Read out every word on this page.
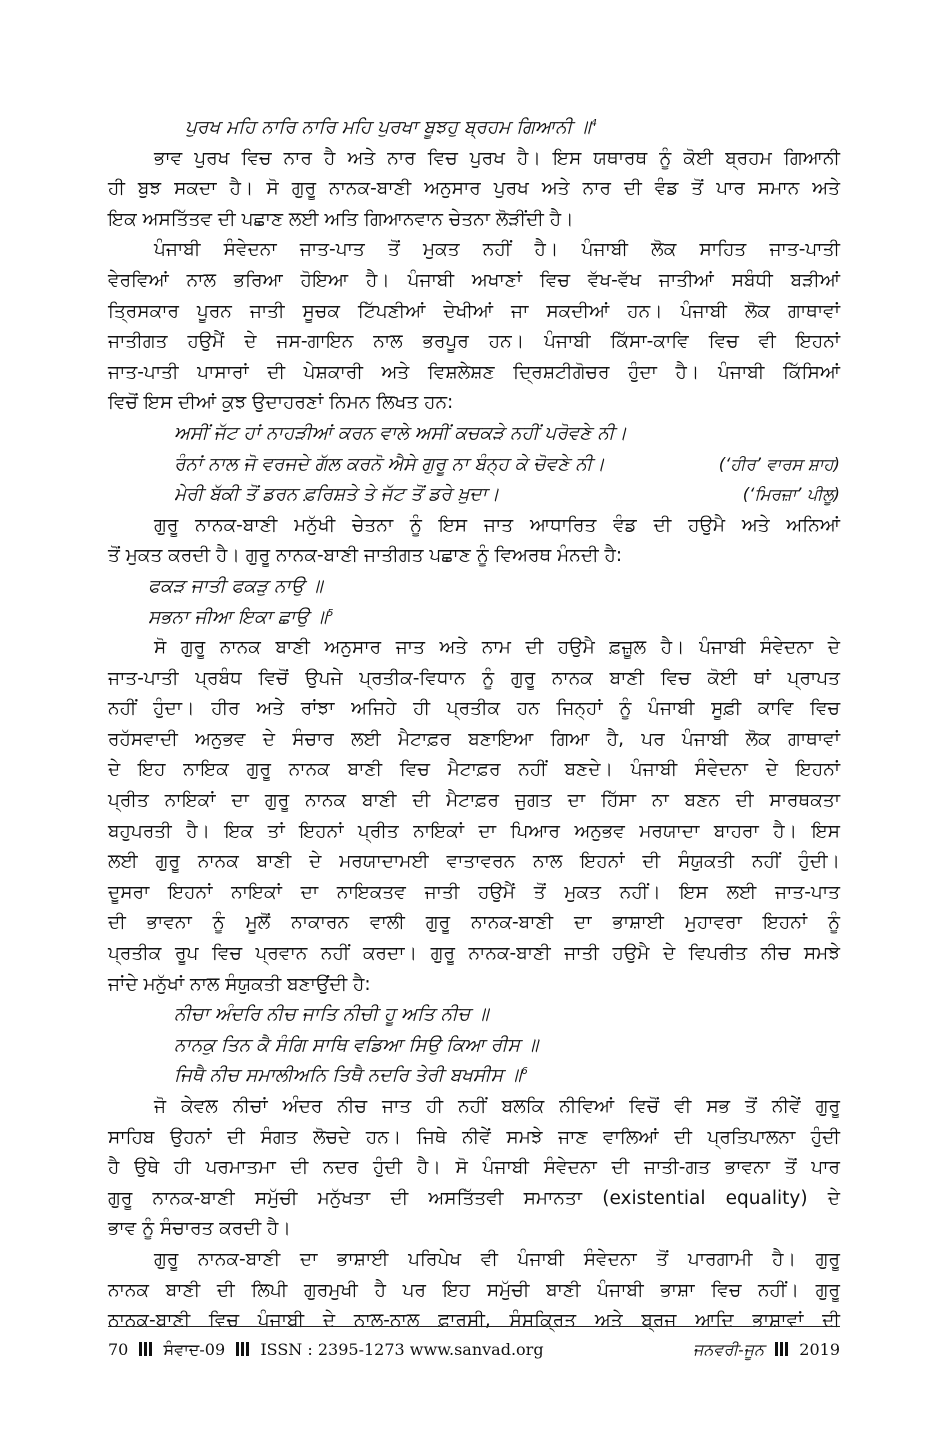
ਪੁਰਖ ਮਹਿ ਨਾਰਿ ਨਾਰਿ ਮਹਿ ਪੁਰਖਾ ਬੂਝਹੁ ਬ੍ਰਹਮ ਗਿਆਨੀ ॥$^4$
ਭਾਵ ਪੁਰਖ ਵਿਚ ਨਾਰ ਹੈ ਅਤੇ ਨਾਰ ਵਿਚ ਪੁਰਖ ਹੈ। ਇਸ ਯਥਾਰਥ ਨੂੰ ਕੋਈ ਬ੍ਰਹਮ ਗਿਆਨੀ
ਹੀ ਬੁਝ ਸਕਦਾ ਹੈ। ਸੋ ਗੁਰੂ ਨਾਨਕ-ਬਾਣੀ ਅਨੁਸਾਰ ਪੁਰਖ ਅਤੇ ਨਾਰ ਦੀ ਵੰਡ ਤੋਂ ਪਾਰ ਸਮਾਨ ਅਤੇ
ਇਕ ਅਸਤਿੱਤਵ ਦੀ ਪਛਾਣ ਲਈ ਅਤਿ ਗਿਆਨਵਾਨ ਚੇਤਨਾ ਲੋੜੀਂਦੀ ਹੈ।
ਪੰਜਾਬੀ ਸੰਵੇਦਨਾ ਜਾਤ-ਪਾਤ ਤੋਂ ਮੁਕਤ ਨਹੀਂ ਹੈ। ਪੰਜਾਬੀ ਲੋਕ ਸਾਹਿਤ ਜਾਤ-ਪਾਤੀ
ਵੇਰਵਿਆਂ ਨਾਲ ਭਰਿਆ ਹੋਇਆ ਹੈ। ਪੰਜਾਬੀ ਅਖਾਣਾਂ ਵਿਚ ਵੱਖ-ਵੱਖ ਜਾਤੀਆਂ ਸਬੰਧੀ ਬੜੀਆਂ
ਤ੍ਰਿਸਕਾਰ ਪੂਰਨ ਜਾਤੀ ਸੂਚਕ ਟਿੱਪਣੀਆਂ ਦੇਖੀਆਂ ਜਾ ਸਕਦੀਆਂ ਹਨ। ਪੰਜਾਬੀ ਲੋਕ ਗਾਥਾਵਾਂ
ਜਾਤੀਗਤ ਹਉਮੈਂ ਦੇ ਜਸ-ਗਾਇਨ ਨਾਲ ਭਰਪੂਰ ਹਨ। ਪੰਜਾਬੀ ਕਿੱਸਾ-ਕਾਵਿ ਵਿਚ ਵੀ ਇਹਨਾਂ
ਜਾਤ-ਪਾਤੀ ਪਾਸਾਰਾਂ ਦੀ ਪੇਸ਼ਕਾਰੀ ਅਤੇ ਵਿਸ਼ਲੇਸ਼ਣ ਦ੍ਰਿਸ਼ਟੀਗੋਚਰ ਹੁੰਦਾ ਹੈ। ਪੰਜਾਬੀ ਕਿੱਸਿਆਂ
ਵਿਚੋਂ ਇਸ ਦੀਆਂ ਕੁਝ ਉਦਾਹਰਣਾਂ ਨਿਮਨ ਲਿਖਤ ਹਨ:
ਅਸੀਂ ਜੱਟ ਹਾਂ ਨਾਹੜੀਆਂ ਕਰਨ ਵਾਲੇ ਅਸੀਂ ਕਚਕੜੇ ਨਹੀਂ ਪਰੋਵਣੇ ਨੀ।
ਰੰਨਾਂ ਨਾਲ ਜੋ ਵਰਜਦੇ ਗੱਲ ਕਰਨੋ ਐਸੇ ਗੁਰੂ ਨਾ ਬੰਨ੍ਹ ਕੇ ਚੋਵਣੇ ਨੀ।	(‘ਹੀਰ’ ਵਾਰਸ ਸ਼ਾਹ)
ਮੇਰੀ ਬੱਕੀ ਤੋਂ ਡਰਨ ਫ਼ਰਿਸ਼ਤੇ ਤੇ ਜੱਟ ਤੋਂ ਡਰੇ ਖ਼ੁਦਾ।	(‘ਮਿਰਜ਼ਾ’ ਪੀਲੂ)
ਗੁਰੂ ਨਾਨਕ-ਬਾਣੀ ਮਨੁੱਖੀ ਚੇਤਨਾ ਨੂੰ ਇਸ ਜਾਤ ਆਧਾਰਿਤ ਵੰਡ ਦੀ ਹਉਮੈ ਅਤੇ ਅਨਿਆਂ
ਤੋਂ ਮੁਕਤ ਕਰਦੀ ਹੈ। ਗੁਰੂ ਨਾਨਕ-ਬਾਣੀ ਜਾਤੀਗਤ ਪਛਾਣ ਨੂੰ ਵਿਅਰਥ ਮੰਨਦੀ ਹੈ:
ਫਕੜ ਜਾਤੀ ਫਕੜੁ ਨਾਉ ॥
ਸਭਨਾ ਜੀਆ ਇਕਾ ਛਾਉ ॥$^5$
ਸੋ ਗੁਰੂ ਨਾਨਕ ਬਾਣੀ ਅਨੁਸਾਰ ਜਾਤ ਅਤੇ ਨਾਮ ਦੀ ਹਉਮੈ ਫ਼ਜ਼ੂਲ ਹੈ। ਪੰਜਾਬੀ ਸੰਵੇਦਨਾ ਦੇ
ਜਾਤ-ਪਾਤੀ ਪ੍ਰਬੰਧ ਵਿਚੋਂ ਉਪਜੇ ਪ੍ਰਤੀਕ-ਵਿਧਾਨ ਨੂੰ ਗੁਰੂ ਨਾਨਕ ਬਾਣੀ ਵਿਚ ਕੋਈ ਥਾਂ ਪ੍ਰਾਪਤ
ਨਹੀਂ ਹੁੰਦਾ। ਹੀਰ ਅਤੇ ਰਾਂਝਾ ਅਜਿਹੇ ਹੀ ਪ੍ਰਤੀਕ ਹਨ ਜਿਨ੍ਹਾਂ ਨੂੰ ਪੰਜਾਬੀ ਸੂਫ਼ੀ ਕਾਵਿ ਵਿਚ
ਰਹੱਸਵਾਦੀ ਅਨੁਭਵ ਦੇ ਸੰਚਾਰ ਲਈ ਮੈਟਾਫ਼ਰ ਬਣਾਇਆ ਗਿਆ ਹੈ, ਪਰ ਪੰਜਾਬੀ ਲੋਕ ਗਾਥਾਵਾਂ
ਦੇ ਇਹ ਨਾਇਕ ਗੁਰੂ ਨਾਨਕ ਬਾਣੀ ਵਿਚ ਮੈਟਾਫ਼ਰ ਨਹੀਂ ਬਣਦੇ। ਪੰਜਾਬੀ ਸੰਵੇਦਨਾ ਦੇ ਇਹਨਾਂ
ਪ੍ਰੀਤ ਨਾਇਕਾਂ ਦਾ ਗੁਰੂ ਨਾਨਕ ਬਾਣੀ ਦੀ ਮੈਟਾਫ਼ਰ ਜੁਗਤ ਦਾ ਹਿੱਸਾ ਨਾ ਬਣਨ ਦੀ ਸਾਰਥਕਤਾ
ਬਹੁਪਰਤੀ ਹੈ। ਇਕ ਤਾਂ ਇਹਨਾਂ ਪ੍ਰੀਤ ਨਾਇਕਾਂ ਦਾ ਪਿਆਰ ਅਨੁਭਵ ਮਰਯਾਦਾ ਬਾਹਰਾ ਹੈ। ਇਸ
ਲਈ ਗੁਰੂ ਨਾਨਕ ਬਾਣੀ ਦੇ ਮਰਯਾਦਾਮਈ ਵਾਤਾਵਰਨ ਨਾਲ ਇਹਨਾਂ ਦੀ ਸੰਯੁਕਤੀ ਨਹੀਂ ਹੁੰਦੀ।
ਦੂਸਰਾ ਇਹਨਾਂ ਨਾਇਕਾਂ ਦਾ ਨਾਇਕਤਵ ਜਾਤੀ ਹਉਮੈਂ ਤੋਂ ਮੁਕਤ ਨਹੀਂ। ਇਸ ਲਈ ਜਾਤ-ਪਾਤ
ਦੀ ਭਾਵਨਾ ਨੂੰ ਮੂਲੋਂ ਨਾਕਾਰਨ ਵਾਲੀ ਗੁਰੂ ਨਾਨਕ-ਬਾਣੀ ਦਾ ਭਾਸ਼ਾਈ ਮੁਹਾਵਰਾ ਇਹਨਾਂ ਨੂੰ
ਪ੍ਰਤੀਕ ਰੂਪ ਵਿਚ ਪ੍ਰਵਾਨ ਨਹੀਂ ਕਰਦਾ। ਗੁਰੂ ਨਾਨਕ-ਬਾਣੀ ਜਾਤੀ ਹਉਮੈ ਦੇ ਵਿਪਰੀਤ ਨੀਚ ਸਮਝੇ
ਜਾਂਦੇ ਮਨੁੱਖਾਂ ਨਾਲ ਸੰਯੁਕਤੀ ਬਣਾਉਂਦੀ ਹੈ:
ਨੀਚਾ ਅੰਦਰਿ ਨੀਚ ਜਾਤਿ ਨੀਚੀ ਹੂ ਅਤਿ ਨੀਚ ॥
ਨਾਨਕੁ ਤਿਨ ਕੈ ਸੰਗਿ ਸਾਥਿ ਵਡਿਆ ਸਿਉ ਕਿਆ ਰੀਸ ॥
ਜਿਥੈ ਨੀਚ ਸਮਾਲੀਅਨਿ ਤਿਥੈ ਨਦਰਿ ਤੇਰੀ ਬਖਸੀਸ ॥$^6$
ਜੋ ਕੇਵਲ ਨੀਚਾਂ ਅੰਦਰ ਨੀਚ ਜਾਤ ਹੀ ਨਹੀਂ ਬਲਕਿ ਨੀਵਿਆਂ ਵਿਚੋਂ ਵੀ ਸਭ ਤੋਂ ਨੀਵੇਂ ਗੁਰੂ
ਸਾਹਿਬ ਉਹਨਾਂ ਦੀ ਸੰਗਤ ਲੋਚਦੇ ਹਨ। ਜਿਥੇ ਨੀਵੇਂ ਸਮਝੇ ਜਾਣ ਵਾਲਿਆਂ ਦੀ ਪ੍ਰਤਿਪਾਲਨਾ ਹੁੰਦੀ
ਹੈ ਉਥੇ ਹੀ ਪਰਮਾਤਮਾ ਦੀ ਨਦਰ ਹੁੰਦੀ ਹੈ। ਸੋ ਪੰਜਾਬੀ ਸੰਵੇਦਨਾ ਦੀ ਜਾਤੀ-ਗਤ ਭਾਵਨਾ ਤੋਂ ਪਾਰ
ਗੁਰੂ ਨਾਨਕ-ਬਾਣੀ ਸਮੁੱਚੀ ਮਨੁੱਖਤਾ ਦੀ ਅਸਤਿੱਤਵੀ ਸਮਾਨਤਾ (existential equality) ਦੇ
ਭਾਵ ਨੂੰ ਸੰਚਾਰਤ ਕਰਦੀ ਹੈ।
ਗੁਰੂ ਨਾਨਕ-ਬਾਣੀ ਦਾ ਭਾਸ਼ਾਈ ਪਰਿਪੇਖ ਵੀ ਪੰਜਾਬੀ ਸੰਵੇਦਨਾ ਤੋਂ ਪਾਰਗਾਮੀ ਹੈ। ਗੁਰੂ
ਨਾਨਕ ਬਾਣੀ ਦੀ ਲਿਪੀ ਗੁਰਮੁਖੀ ਹੈ ਪਰ ਇਹ ਸਮੁੱਚੀ ਬਾਣੀ ਪੰਜਾਬੀ ਭਾਸ਼ਾ ਵਿਚ ਨਹੀਂ। ਗੁਰੂ
ਨਾਨਕ-ਬਾਣੀ ਵਿਚ ਪੰਜਾਬੀ ਦੇ ਨਾਲ-ਨਾਲ ਫ਼ਾਰਸੀ, ਸੰਸਕ੍ਰਿਤ ਅਤੇ ਬ੍ਰਜ ਆਦਿ ਭਾਸ਼ਾਵਾਂ ਦੀ
70 ਸੰਵਾਦ-09 ISSN : 2395-1273 www.sanvad.org	ਜਨਵਰੀ-ਜੂਨ 2019
